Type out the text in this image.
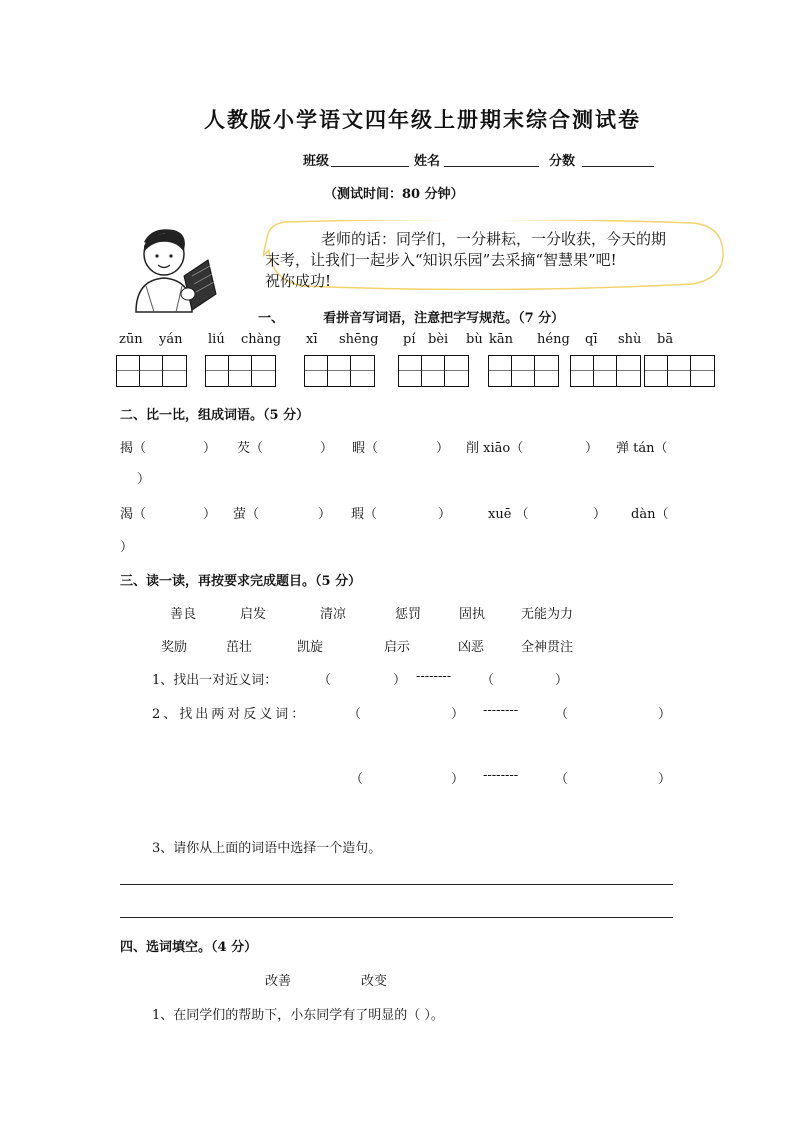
人教版小学语文四年级上册期末综合测试卷
班级	姓名	分数
（测试时间：80 分钟）
老师的话：同学们，一分耕耘，一分收获，今天的期
末考，让我们一起步入“知识乐园”去采摘“智慧果”吧!
祝你成功!
一、	看拼音写词语，注意把字写规范。（7 分）
zūn yán liú chàng xī shēng pí bèi bù kān héng qī shù bā
二、比一比，组成词语。（5 分）
揭（	） 芡（	） 暇（	） 削 xiāo（	） 弹 tán（
）
渴（	） 萤（	） 瑕（	）	xuē （	） dàn（
）
三、读一读，再按要求完成题目。（5 分）
善良	启发	清凉	惩罚	固执	无能为力
奖励	茁壮	凯旋	启示	凶恶	全神贯注
1、找出一对近义词：	（	） -------- （	）
2、找出两对反义词：	（	） --------	（	）
（	） --------	（	）
3、请你从上面的词语中选择一个造句。
四、选词填空。（4 分）
改善	改变
1、在同学们的帮助下，小东同学有了明显的（ ）。
